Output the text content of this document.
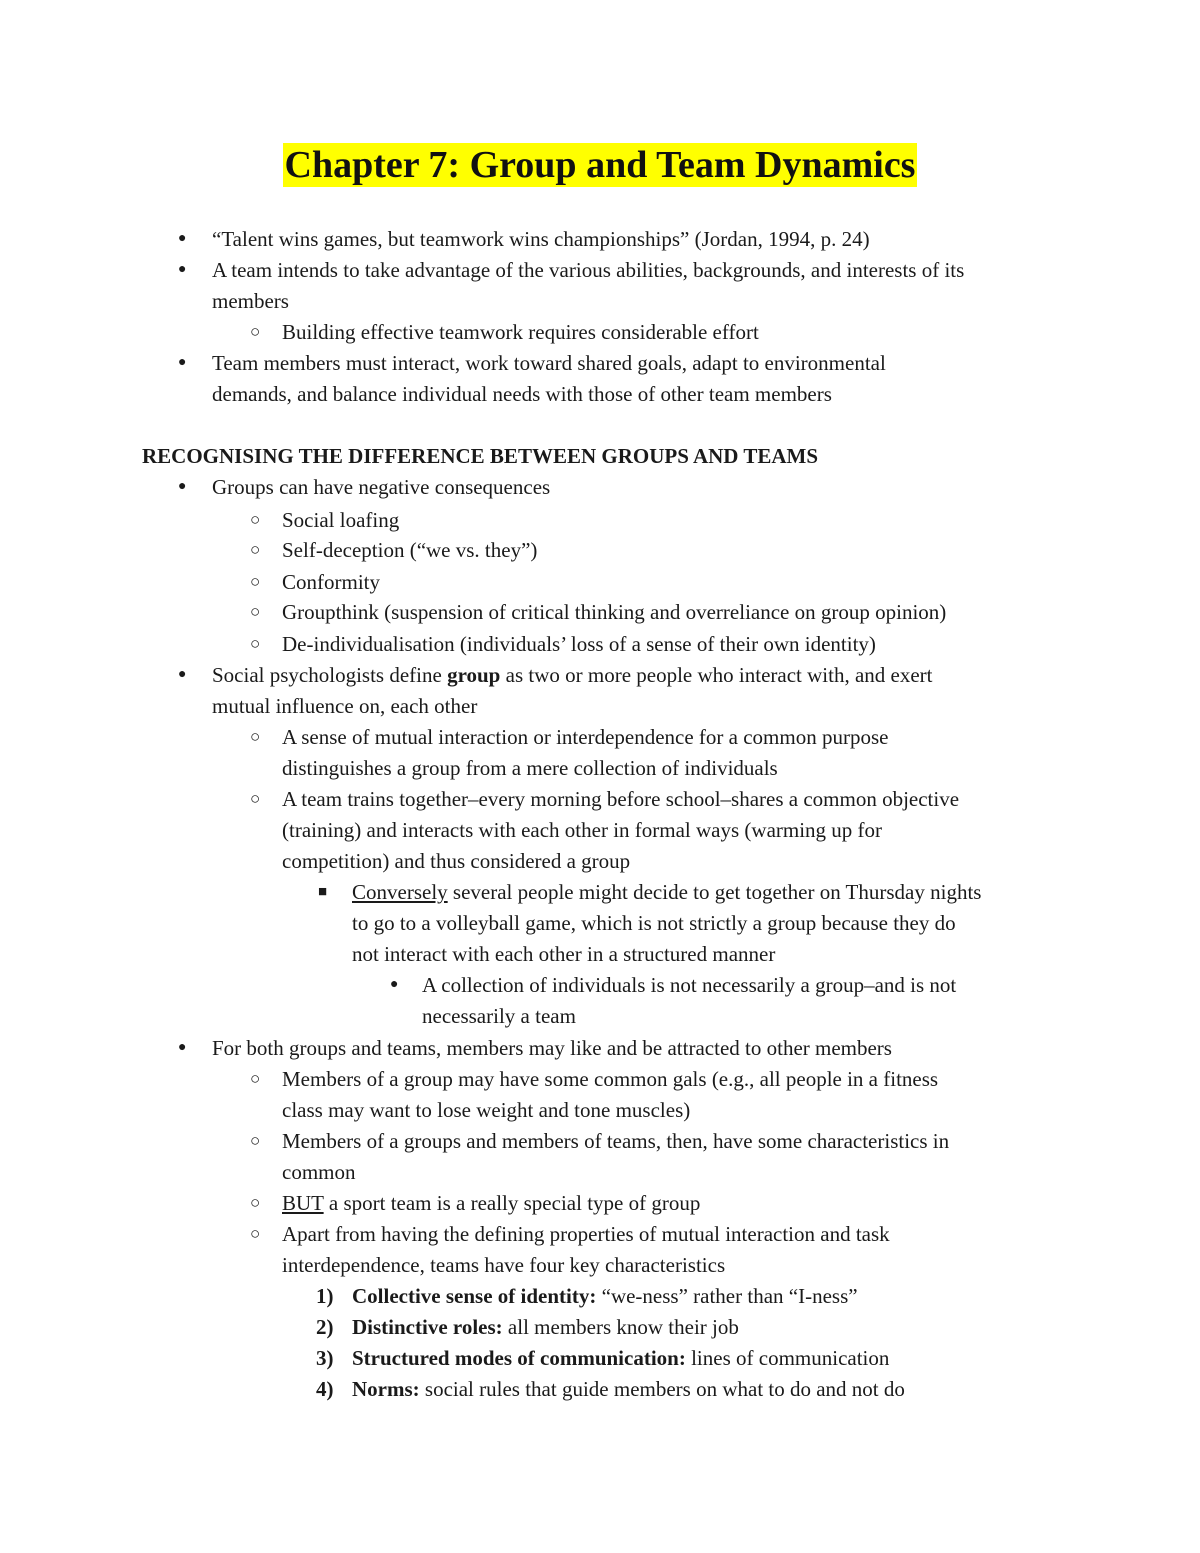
Chapter 7: Group and Team Dynamics
● “Talent wins games, but teamwork wins championships” (Jordan, 1994, p. 24)
● A team intends to take advantage of the various abilities, backgrounds, and interests of its
members
○ Building effective teamwork requires considerable effort
● Team members must interact, work toward shared goals, adapt to environmental
demands, and balance individual needs with those of other team members
RECOGNISING THE DIFFERENCE BETWEEN GROUPS AND TEAMS
● Groups can have negative consequences
○ Social loafing
○ Self-deception (“we vs. they”)
○ Conformity
○ Groupthink (suspension of critical thinking and overreliance on group opinion)
○ De-individualisation (individuals’ loss of a sense of their own identity)
● Social psychologists define group as two or more people who interact with, and exert
mutual influence on, each other
○ A sense of mutual interaction or interdependence for a common purpose
distinguishes a group from a mere collection of individuals
○ A team trains together–every morning before school–shares a common objective
(training) and interacts with each other in formal ways (warming up for
competition) and thus considered a group
■ Conversely several people might decide to get together on Thursday nights
to go to a volleyball game, which is not strictly a group because they do
not interact with each other in a structured manner
● A collection of individuals is not necessarily a group–and is not
necessarily a team
● For both groups and teams, members may like and be attracted to other members
○ Members of a group may have some common gals (e.g., all people in a fitness
class may want to lose weight and tone muscles)
○ Members of a groups and members of teams, then, have some characteristics in
common
○ BUT a sport team is a really special type of group
○ Apart from having the defining properties of mutual interaction and task
interdependence, teams have four key characteristics
1) Collective sense of identity: “we-ness” rather than “I-ness”
2) Distinctive roles: all members know their job
3) Structured modes of communication: lines of communication
4) Norms: social rules that guide members on what to do and not do
